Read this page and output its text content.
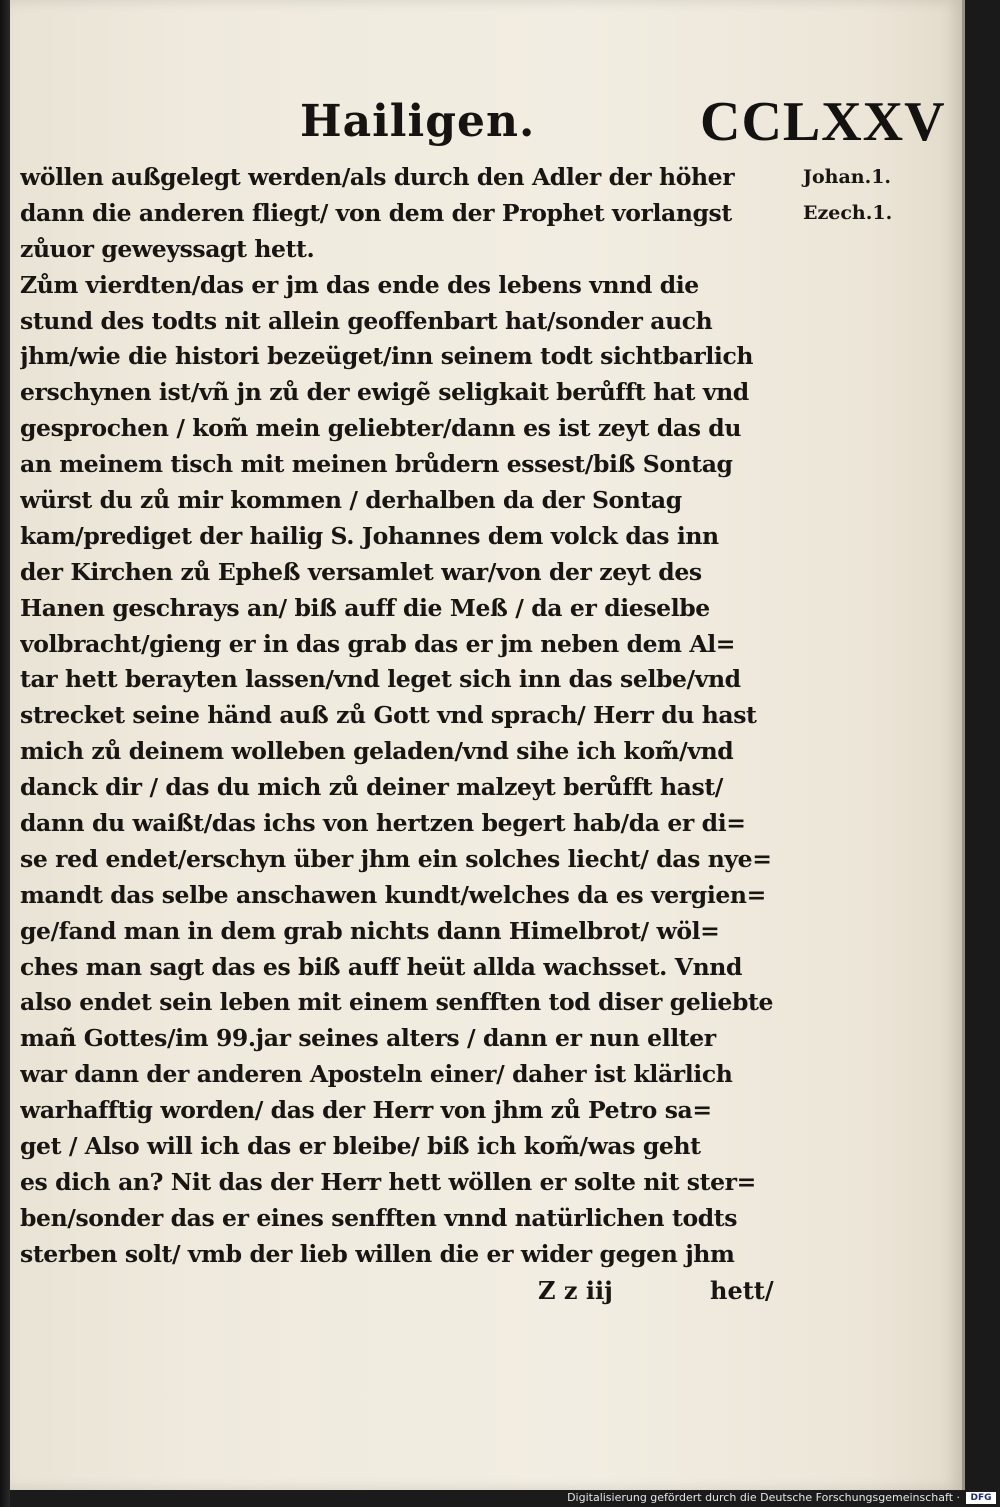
Hailigen.	CCLXXV
wöllen außgelegt werden/als durch den Adler der höher
dann die anderen fliegt/ von dem der Prophet vorlangst
zůuor geweyssagt hett.
Zům vierdten/das er jm das ende des lebens vnnd die
stund des todts nit allein geoffenbart hat/sonder auch
jhm/wie die histori bezeüget/inn seinem todt sichtbarlich
erschynen ist/vñ jn zů der ewigẽ seligkait berůfft hat vnd
gesprochen / kom̃ mein geliebter/dann es ist zeyt das du
an meinem tisch mit meinen brůdern essest/biß Sontag
würst du zů mir kommen / derhalben da der Sontag
kam/prediget der hailig S. Johannes dem volck das inn
der Kirchen zů Epheß versamlet war/von der zeyt des
Hanen geschrays an/ biß auff die Meß / da er dieselbe
volbracht/gieng er in das grab das er jm neben dem Al=
tar hett berayten lassen/vnd leget sich inn das selbe/vnd
strecket seine händ auß zů Gott vnd sprach/ Herr du hast
mich zů deinem wolleben geladen/vnd sihe ich kom̃/vnd
danck dir / das du mich zů deiner malzeyt berůfft hast/
dann du waißt/das ichs von hertzen begert hab/da er di=
se red endet/erschyn über jhm ein solches liecht/ das nye=
mandt das selbe anschawen kundt/welches da es vergien=
ge/fand man in dem grab nichts dann Himelbrot/ wöl=
ches man sagt das es biß auff heüt allda wachsset. Vnnd
also endet sein leben mit einem senfften tod diser geliebte
mañ Gottes/im 99.jar seines alters / dann er nun ellter
war dann der anderen Aposteln einer/ daher ist klärlich
warhafftig worden/ das der Herr von jhm zů Petro sa=
get / Also will ich das er bleibe/ biß ich kom̃/was geht
es dich an? Nit das der Herr hett wöllen er solte nit ster=
ben/sonder das er eines senfften vnnd natürlichen todts
sterben solt/ vmb der lieb willen die er wider gegen jhm
Johan.1.
Ezech.1.
Z z iij	hett/
Digitalisierung gefördert durch die Deutsche Forschungsgemeinschaft ·	DFG
